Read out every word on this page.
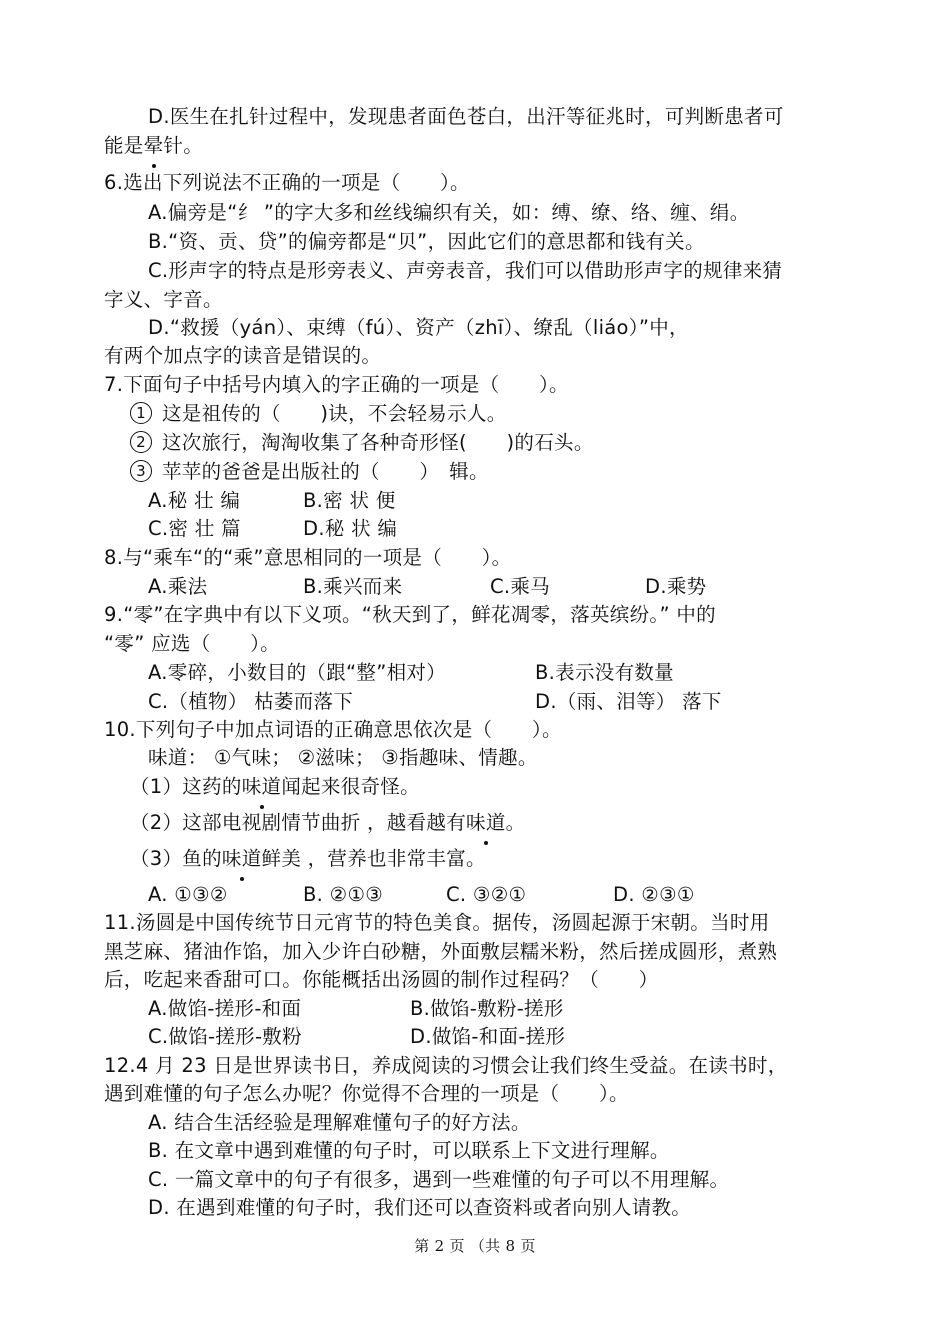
D.医生在扎针过程中，发现患者面色苍白，出汗等征兆时，可判断患者可
能是晕针。
6.选出下列说法不正确的一项是（　　）。
A.偏旁是“纟 ”的字大多和丝线编织有关，如：缚、缭、络、缠、绢。
B.“资、贡、贷”的偏旁都是“贝”，因此它们的意思都和钱有关。
C.形声字的特点是形旁表义、声旁表音，我们可以借助形声字的规律来猜
字义、字音。
D.“救援（yán）、束缚（fú）、资产（zhī）、缭乱（liáo）”中，
有两个加点字的读音是错误的。
7.下面句子中括号内填入的字正确的一项是（　　）。
1 这是祖传的（　　)诀，不会轻易示人。
2 这次旅行，淘淘收集了各种奇形怪(　　)的石头。
3 苹苹的爸爸是出版社的（　　）　辑。
A.秘 壮 编	B.密 状 便
C.密 壮 篇	D.秘 状 编
8.与“乘车“的“乘”意思相同的一项是（　　）。
A.乘法	B.乘兴而来	C.乘马	D.乘势
9.“零”在字典中有以下义项。“秋天到了，鲜花凋零，落英缤纷。” 中的
“零” 应选（　　）。
A.零碎，小数目的（跟“整”相对）	B.表示没有数量
C.（植物） 枯萎而落下	D.（雨、泪等） 落下
10.下列句子中加点词语的正确意思依次是（　　）。
味道： ①气味； ②滋味； ③指趣味、情趣。
（1）这药的味道闻起来很奇怪。
（2）这部电视剧情节曲折 ，越看越有味道。
（3）鱼的味道鲜美 ，营养也非常丰富。
A. ①③②	B. ②①③	C. ③②①	D. ②③①
11.汤圆是中国传统节日元宵节的特色美食。据传，汤圆起源于宋朝。当时用
黑芝麻、猪油作馅，加入少许白砂糖，外面敷层糯米粉，然后搓成圆形，煮熟
后，吃起来香甜可口。你能概括出汤圆的制作过程码？（　　）
A.做馅-搓形-和面	B.做馅-敷粉-搓形
C.做馅-搓形-敷粉	D.做馅-和面-搓形
12.4 月 23 日是世界读书日，养成阅读的习惯会让我们终生受益。在读书时，
遇到难懂的句子怎么办呢？你觉得不合理的一项是（　　）。
A. 结合生活经验是理解难懂句子的好方法。
B. 在文章中遇到难懂的句子时，可以联系上下文进行理解。
C. 一篇文章中的句子有很多，遇到一些难懂的句子可以不用理解。
D. 在遇到难懂的句子时，我们还可以查资料或者向别人请教。
第 2 页 （共 8 页
